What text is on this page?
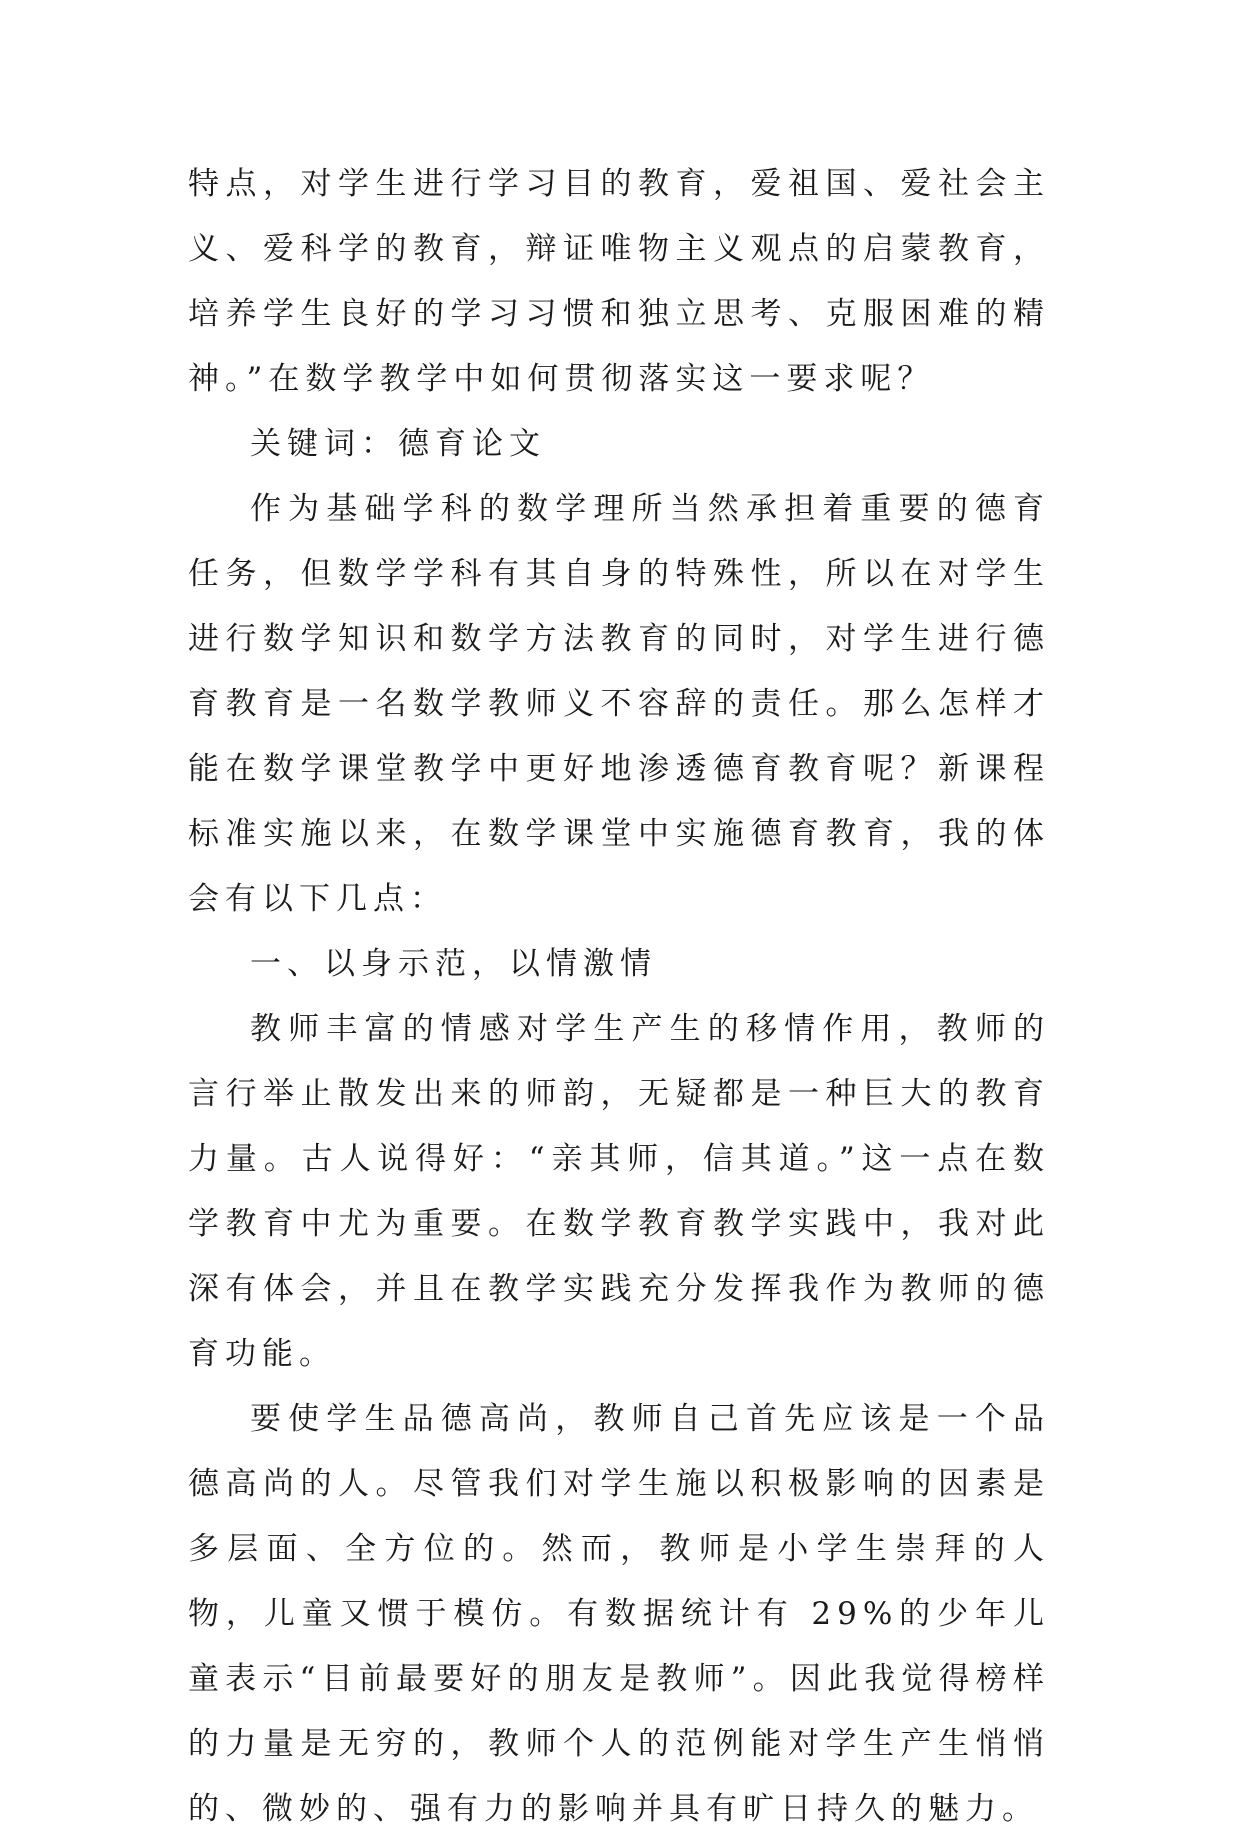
特点，对学生进行学习目的教育，爱祖国、爱社会主义、爱科学的教育，辩证唯物主义观点的启蒙教育，培养学生良好的学习习惯和独立思考、克服困难的精神。”在数学教学中如何贯彻落实这一要求呢？

关键词：德育论文

作为基础学科的数学理所当然承担着重要的德育任务，但数学学科有其自身的特殊性，所以在对学生进行数学知识和数学方法教育的同时，对学生进行德育教育是一名数学教师义不容辞的责任。那么怎样才能在数学课堂教学中更好地渗透德育教育呢？新课程标准实施以来，在数学课堂中实施德育教育，我的体会有以下几点：

一、以身示范，以情激情

教师丰富的情感对学生产生的移情作用，教师的言行举止散发出来的师韵，无疑都是一种巨大的教育力量。古人说得好：“亲其师，信其道。”这一点在数学教育中尤为重要。在数学教育教学实践中，我对此深有体会，并且在教学实践充分发挥我作为教师的德育功能。

要使学生品德高尚，教师自己首先应该是一个品德高尚的人。尽管我们对学生施以积极影响的因素是多层面、全方位的。然而，教师是小学生崇拜的人物，儿童又惯于模仿。有数据统计有 29%的少年儿童表示“目前最要好的朋友是教师”。因此我觉得榜样的力量是无穷的，教师个人的范例能对学生产生悄悄的、微妙的、强有力的影响并具有旷日持久的魅力。
